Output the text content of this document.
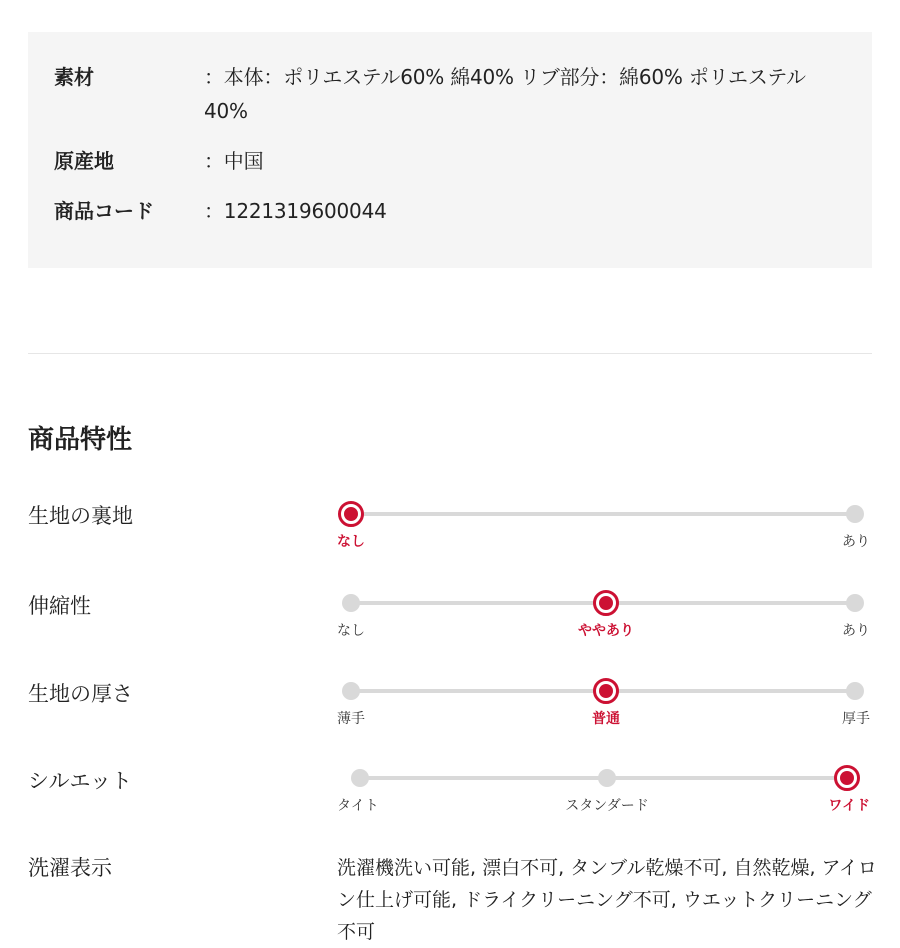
素材	：本体：ポリエステル60% 綿40% リブ部分：綿60% ポリエステル40%
原産地	：中国
商品コード	：1221319600044
商品特性
生地の裏地
なし	あり
伸縮性
なし	ややあり	あり
生地の厚さ
薄手	普通	厚手
シルエット
タイト	スタンダード	ワイド
洗濯表示	洗濯機洗い可能, 漂白不可, タンブル乾燥不可, 自然乾燥, アイロン仕上げ可能, ドライクリーニング不可, ウエットクリーニング不可
